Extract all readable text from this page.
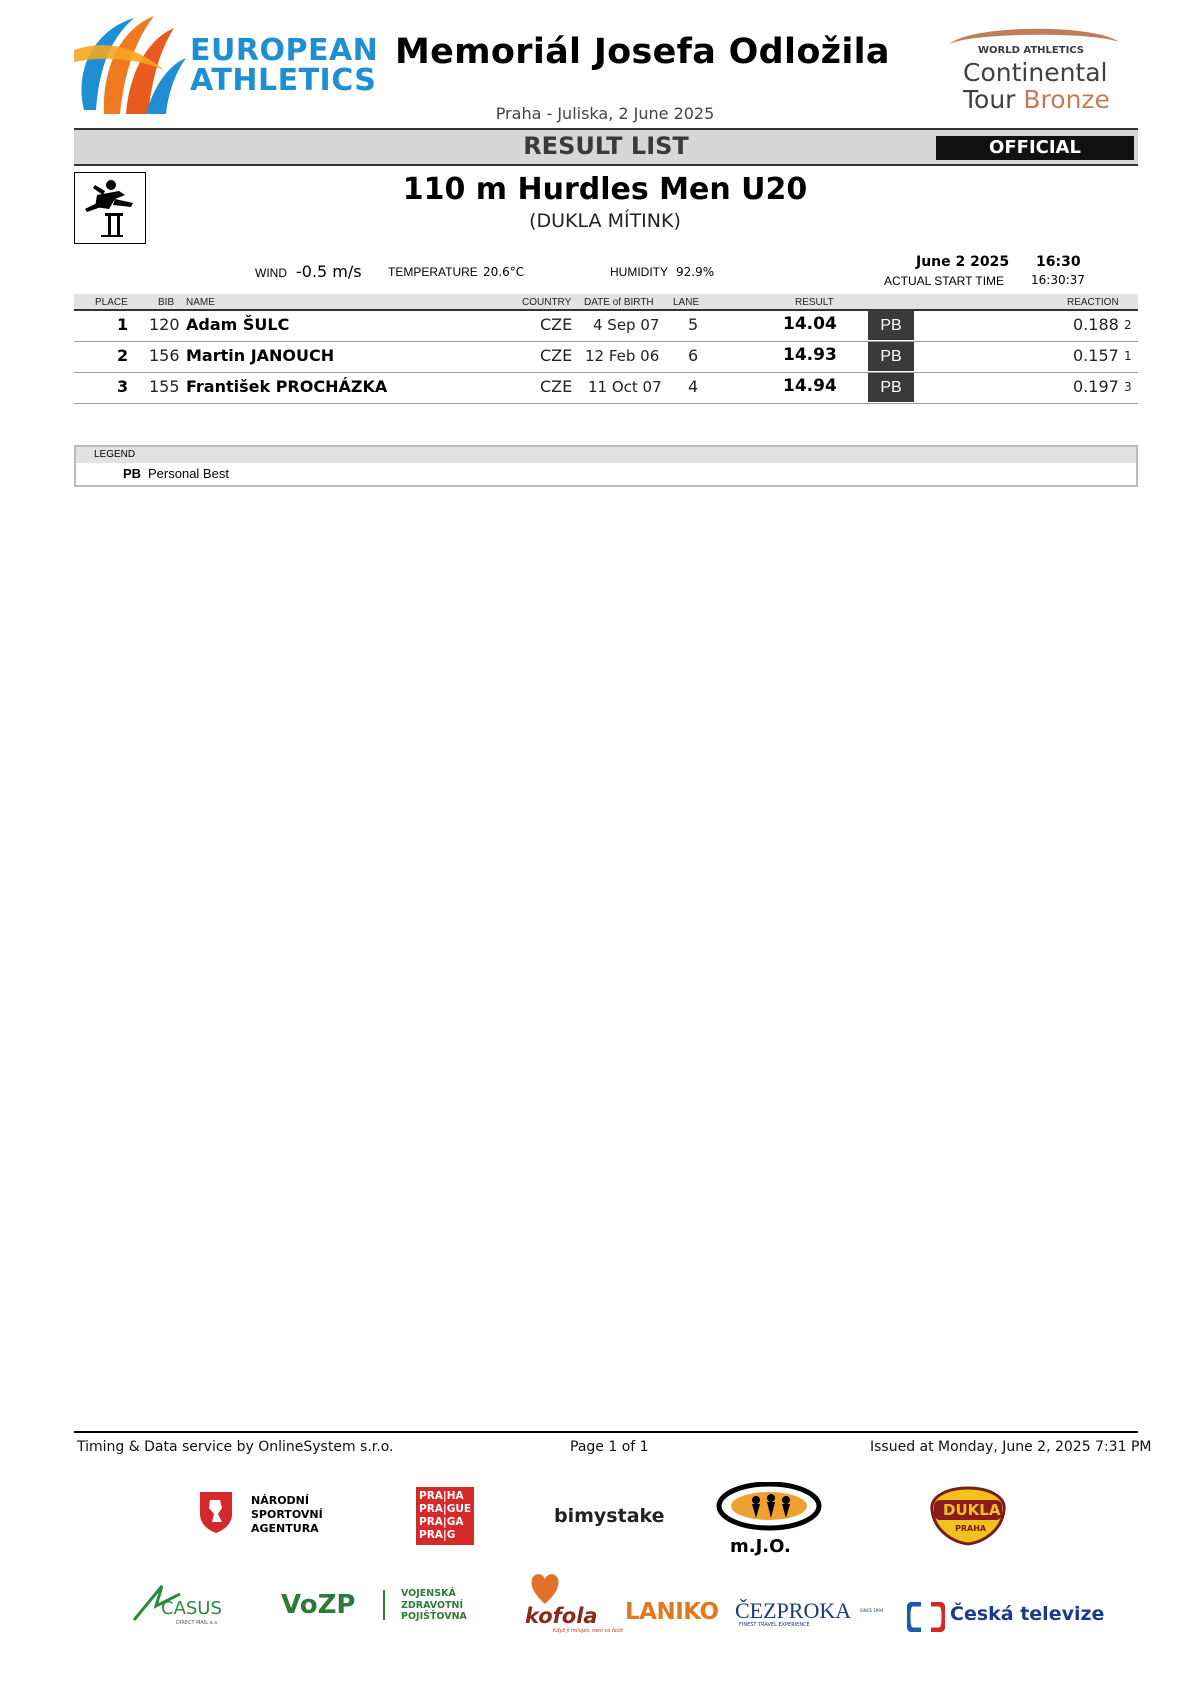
EUROPEAN
ATHLETICS
Memoriál Josefa Odložila
Praha - Juliska, 2 June 2025
WORLD ATHLETICS
Continental
Tour Bronze
RESULT LIST	OFFICIAL
110 m Hurdles Men U20
(DUKLA MÍTINK)
WIND -0.5 m/s TEMPERATURE 20.6°C	HUMIDITY 92.9%
June 2 2025 16:30
ACTUAL START TIME 16:30:37
PLACE	BIB NAME	COUNTRY DATE of BIRTH LANE	RESULT	REACTION
1 120 Adam ŠULC	CZE 4 Sep 07 5	14.04	PB	0.188 2
2 156 Martin JANOUCH	CZE 12 Feb 06 6	14.93	PB	0.157 1
3 155 František PROCHÁZKA	CZE 11 Oct 07 4	14.94	PB	0.197 3
LEGEND
PB Personal Best
Timing & Data service by OnlineSystem s.r.o.	Page 1 of 1	Issued at Monday, June 2, 2025 7:31 PM
NÁRODNÍ
SPORTOVNÍ
AGENTURA
PRA|HA
PRA|GUE
PRA|GA
PRA|G
bimystake
m.J.O.
DUKLA
PRAHA
CASUS
DIRECT MAIL a.s.
VoZP	VOJENSKÁ
ZDRAVOTNÍ
POJIŠŤOVNA	kofola
Když ji miluješ, není co řešit
LANIKO ČEZPROKA SINCE 1994
FINEST TRAVEL EXPERIENCE	Česká televize
